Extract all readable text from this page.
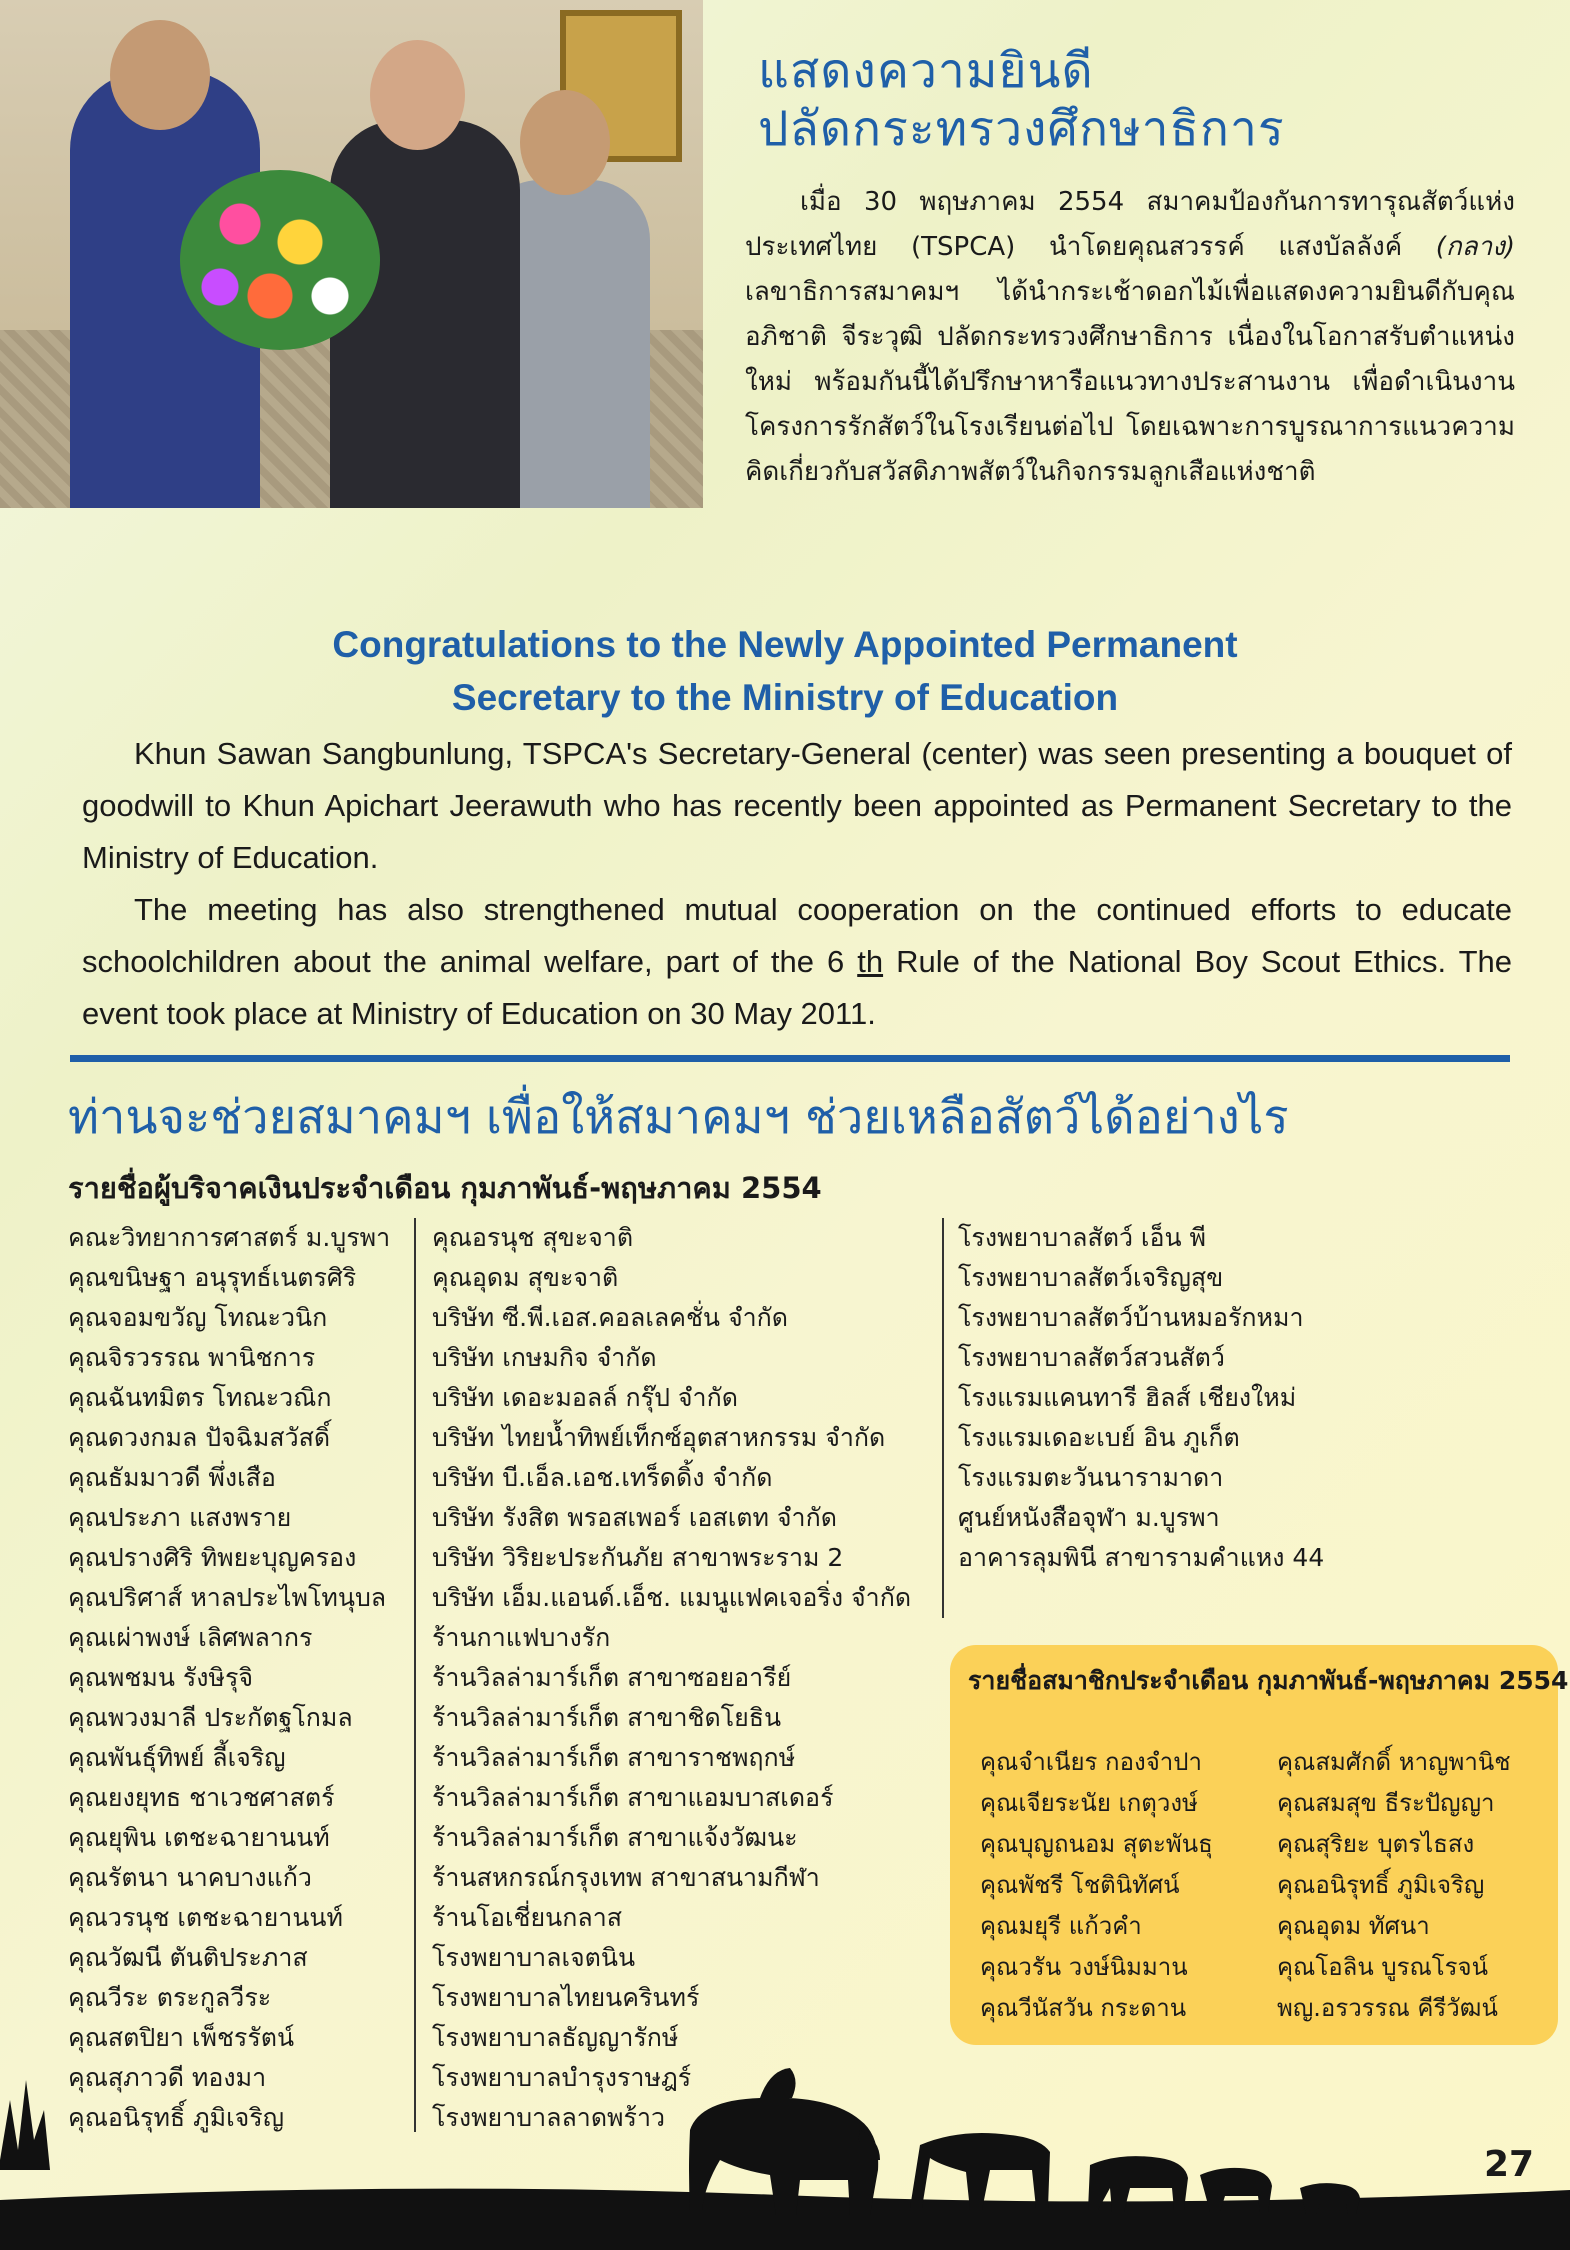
แสดงความยินดี
ปลัดกระทรวงศึกษาธิการ

เมื่อ 30 พฤษภาคม 2554 สมาคมป้องกันการทารุณสัตว์แห่งประเทศไทย (TSPCA) นำโดยคุณสวรรค์ แสงบัลลังค์ (กลาง) เลขาธิการสมาคมฯ ได้นำกระเช้าดอกไม้เพื่อแสดงความยินดีกับคุณอภิชาติ จีระวุฒิ ปลัดกระทรวงศึกษาธิการ เนื่องในโอกาสรับตำแหน่งใหม่ พร้อมกันนี้ได้ปรึกษาหารือแนวทางประสานงาน เพื่อดำเนินงานโครงการรักสัตว์ในโรงเรียนต่อไป โดยเฉพาะการบูรณาการแนวความคิดเกี่ยวกับสวัสดิภาพสัตว์ในกิจกรรมลูกเสือแห่งชาติ

Congratulations to the Newly Appointed Permanent
Secretary to the Ministry of Education

Khun Sawan Sangbunlung, TSPCA's Secretary-General (center) was seen presenting a bouquet of goodwill to Khun Apichart Jeerawuth who has recently been appointed as Permanent Secretary to the Ministry of Education.

The meeting has also strengthened mutual cooperation on the continued efforts to educate schoolchildren about the animal welfare, part of the 6 th Rule of the National Boy Scout Ethics. The event took place at Ministry of Education on 30 May 2011.

ท่านจะช่วยสมาคมฯ เพื่อให้สมาคมฯ ช่วยเหลือสัตว์ได้อย่างไร
รายชื่อผู้บริจาคเงินประจำเดือน กุมภาพันธ์-พฤษภาคม 2554
คณะวิทยาการศาสตร์ ม.บูรพา
คุณขนิษฐา อนุรุทธ์เนตรศิริ
คุณจอมขวัญ โทณะวนิก
คุณจิรวรรณ พานิชการ
คุณฉันทมิตร โทณะวณิก
คุณดวงกมล ปัจฉิมสวัสดิ์
คุณธัมมาวดี พึ่งเสือ
คุณประภา แสงพราย
คุณปรางศิริ ทิพยะบุญครอง
คุณปริศาส์ หาลประไพโทนุบล
คุณเผ่าพงษ์ เลิศพลากร
คุณพชมน รังษิรุจิ
คุณพวงมาลี ประกัตฐโกมล
คุณพันธุ์ทิพย์ ลี้เจริญ
คุณยงยุทธ ชาเวชศาสตร์
คุณยุพิน เตชะฉายานนท์
คุณรัตนา นาคบางแก้ว
คุณวรนุช เตชะฉายานนท์
คุณวัฒนี ตันติประภาส
คุณวีระ ตระกูลวีระ
คุณสตปิยา เพ็ชรรัตน์
คุณสุภาวดี ทองมา
คุณอนิรุทธิ์ ภูมิเจริญ
คุณอรนุช สุขะจาติ
คุณอุดม สุขะจาติ
บริษัท ซี.พี.เอส.คอลเลคชั่น จำกัด
บริษัท เกษมกิจ จำกัด
บริษัท เดอะมอลล์ กรุ๊ป จำกัด
บริษัท ไทยน้ำทิพย์เท็กซ์อุตสาหกรรม จำกัด
บริษัท บี.เอ็ล.เอช.เทร็ดดิ้ง จำกัด
บริษัท รังสิต พรอสเพอร์ เอสเตท จำกัด
บริษัท วิริยะประกันภัย สาขาพระราม 2
บริษัท เอ็ม.แอนด์.เอ็ช. แมนูแฟคเจอริ่ง จำกัด
ร้านกาแฟบางรัก
ร้านวิลล่ามาร์เก็ต สาขาซอยอารีย์
ร้านวิลล่ามาร์เก็ต สาขาชิดโยธิน
ร้านวิลล่ามาร์เก็ต สาขาราชพฤกษ์
ร้านวิลล่ามาร์เก็ต สาขาแอมบาสเดอร์
ร้านวิลล่ามาร์เก็ต สาขาแจ้งวัฒนะ
ร้านสหกรณ์กรุงเทพ สาขาสนามกีฬา
ร้านโอเชี่ยนกลาส
โรงพยาบาลเจตนิน
โรงพยาบาลไทยนครินทร์
โรงพยาบาลธัญญารักษ์
โรงพยาบาลบำรุงราษฎร์
โรงพยาบาลลาดพร้าว
โรงพยาบาลสัตว์ เอ็น พี
โรงพยาบาลสัตว์เจริญสุข
โรงพยาบาลสัตว์บ้านหมอรักหมา
โรงพยาบาลสัตว์สวนสัตว์
โรงแรมแคนทารี ฮิลส์ เชียงใหม่
โรงแรมเดอะเบย์ อิน ภูเก็ต
โรงแรมตะวันนารามาดา
ศูนย์หนังสือจุฬา ม.บูรพา
อาคารลุมพินี สาขารามคำแหง 44
รายชื่อสมาชิกประจำเดือน กุมภาพันธ์-พฤษภาคม 2554
คุณจำเนียร กองจำปา
คุณเจียระนัย เกตุวงษ์
คุณบุญถนอม สุตะพันธุ
คุณพัชรี โชตินิทัศน์
คุณมยุรี แก้วคำ
คุณวรัน วงษ์นิมมาน
คุณวีนัสวัน กระดาน
คุณสมศักดิ์ หาญพานิช
คุณสมสุข ธีระปัญญา
คุณสุริยะ บุตรไธสง
คุณอนิรุทธิ์ ภูมิเจริญ
คุณอุดม ทัศนา
คุณโอลิน บูรณโรจน์
พญ.อรวรรณ คีรีวัฒน์
27
